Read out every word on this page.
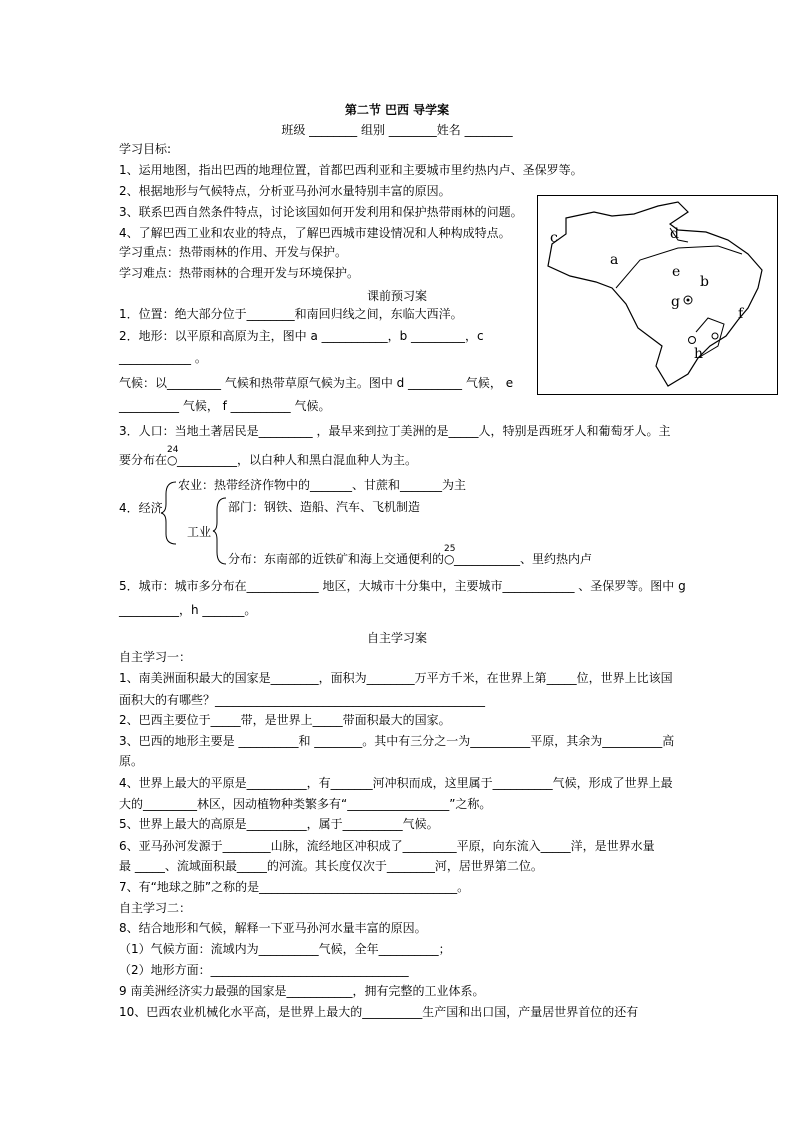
第二节 巴西 导学案
班级 ________ 组别 ________姓名 ________
学习目标:
1、运用地图，指出巴西的地理位置，首都巴西利亚和主要城市里约热内卢、圣保罗等。
2、根据地形与气候特点，分析亚马孙河水量特别丰富的原因。
3、联系巴西自然条件特点，讨论该国如何开发利用和保护热带雨林的问题。
4、了解巴西工业和农业的特点，了解巴西城市建设情况和人种构成特点。
学习重点：热带雨林的作用、开发与保护。
学习难点：热带雨林的合理开发与环境保护。
c	d
a
e
b
g
f
h
课前预习案
1．位置：绝大部分位于________和南回归线之间，东临大西洋。
2．地形：以平原和高原为主，图中 a ___________，b _________，c
____________ 。
气候：以_________ 气候和热带草原气候为主。图中 d _________ 气候， e
__________ 气候， f __________ 气候。
3．人口：当地土著居民是_________ ，最早来到拉丁美洲的是_____人，特别是西班牙人和葡萄牙人。主
要分布在
24
○__________，以白种人和黑白混血种人为主。
4．经济
农业：热带经济作物中的_______、甘蔗和_______为主
工业
部门：钢铁、造船、汽车、飞机制造
分布：东南部的近铁矿和海上交通便利的
25
○___________、里约热内卢
5．城市：城市多分布在____________ 地区，大城市十分集中，主要城市____________ 、圣保罗等。图中 g
__________，h _______。
自主学习案
自主学习一：
1、南美洲面积最大的国家是________，面积为________万平方千米，在世界上第_____位，世界上比该国
面积大的有哪些？_____________________________________________
2、巴西主要位于_____带，是世界上_____带面积最大的国家。
3、巴西的地形主要是 __________和 ________。其中有三分之一为__________平原，其余为__________高
原。
4、世界上最大的平原是__________，有_______河冲积而成，这里属于__________气候，形成了世界上最
大的_________林区，因动植物种类繁多有“_________________”之称。
5、世界上最大的高原是__________，属于__________气候。
6、亚马孙河发源于________山脉，流经地区冲积成了_________平原，向东流入_____洋，是世界水量
最 _____、流域面积最_____的河流。其长度仅次于________河，居世界第二位。
7、有“地球之肺”之称的是_________________________________。
自主学习二：
8、结合地形和气候，解释一下亚马孙河水量丰富的原因。
（1）气候方面：流域内为__________气候，全年__________；
（2）地形方面：_________________________________
9 南美洲经济实力最强的国家是___________，拥有完整的工业体系。
10、巴西农业机械化水平高，是世界上最大的__________生产国和出口国，产量居世界首位的还有
